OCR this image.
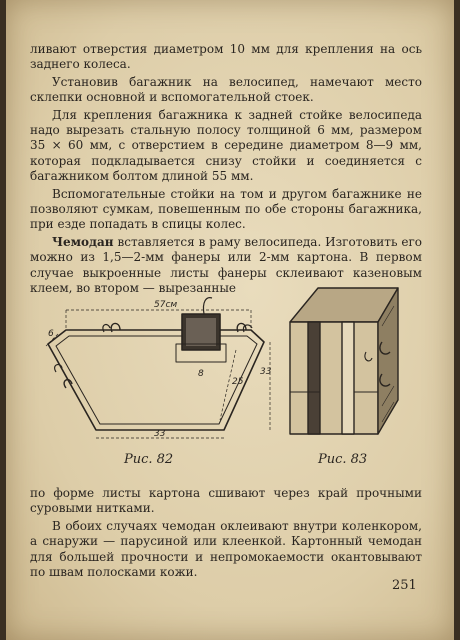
ливают отверстия диаметром 10 мм для крепления на ось заднего колеса.

Установив багажник на велосипед, намечают место склепки основной и вспомогательной стоек.

Для крепления багажника к задней стойке велосипеда надо вырезать стальную полосу толщиной 6 мм, размером 35 × 60 мм, с отверстием в середине диаметром 8—9 мм, которая подкладывается снизу стойки и соединяется с багажником болтом длиной 55 мм.

Вспомогательные стойки на том и другом багажнике не позволяют сумкам, повешенным по обе стороны багажника, при езде попадать в спицы колес.

Чемодан вставляется в раму велосипеда. Изготовить его можно из 1,5—2-мм фанеры или 2-мм картона. В первом случае выкроенные листы фанеры склеивают казеновым клеем, во втором — вырезанные

57см
6
8
25
33
33
Рис. 82	Рис. 83

по форме листы картона сшивают через край прочными суровыми нитками.

В обоих случаях чемодан оклеивают внутри коленкором, а снаружи — парусиной или клеенкой. Картонный чемодан для большей прочности и непромокаемости окантовывают по швам полосками кожи.

251
